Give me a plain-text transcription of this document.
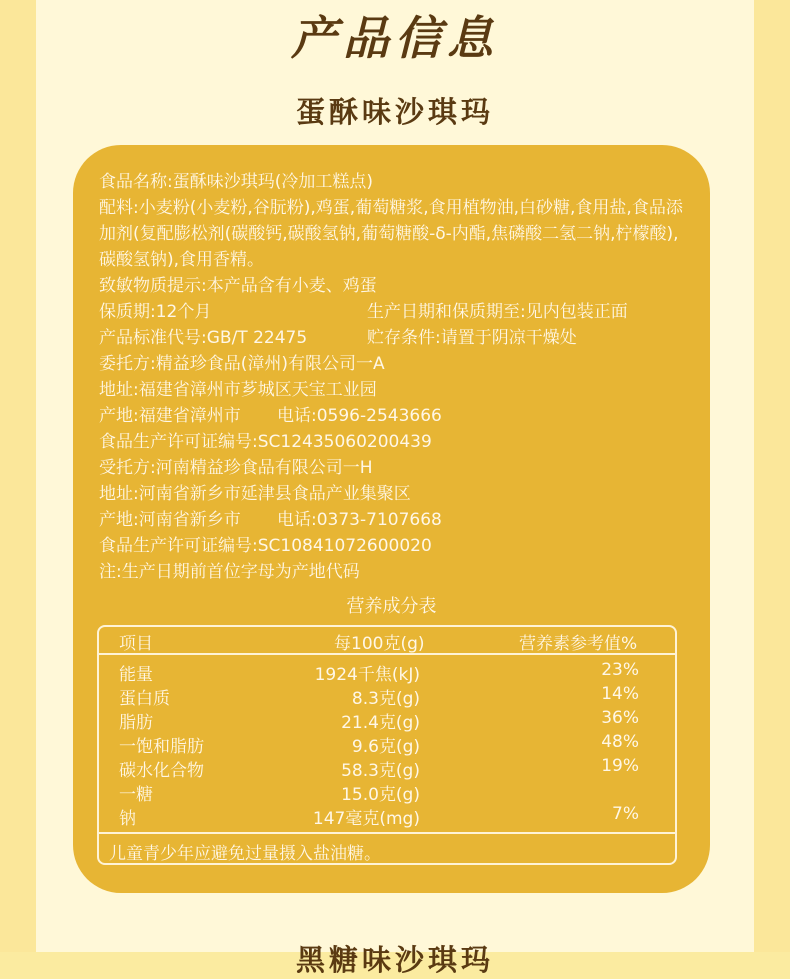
产品信息
蛋酥味沙琪玛
食品名称:蛋酥味沙琪玛(冷加工糕点)
配料:小麦粉(小麦粉,谷朊粉),鸡蛋,葡萄糖浆,食用植物油,白砂糖,食用盐,食品添加剂(复配膨松剂(碳酸钙,碳酸氢钠,葡萄糖酸-δ-内酯,焦磷酸二氢二钠,柠檬酸),碳酸氢钠),食用香精。
致敏物质提示:本产品含有小麦、鸡蛋
保质期:12个月	生产日期和保质期至:见内包装正面
产品标准代号:GB/T 22475	贮存条件:请置于阴凉干燥处
委托方:精益珍食品(漳州)有限公司一A
地址:福建省漳州市芗城区天宝工业园
产地:福建省漳州市	电话:0596-2543666
食品生产许可证编号:SC12435060200439
受托方:河南精益珍食品有限公司一H
地址:河南省新乡市延津县食品产业集聚区
产地:河南省新乡市	电话:0373-7107668
食品生产许可证编号:SC10841072600020
注:生产日期前首位字母为产地代码
营养成分表
项目	每100克(g)	营养素参考值%
能量	1924千焦(kJ)	23%
蛋白质	8.3克(g)	14%
脂肪	21.4克(g)	36%
一饱和脂肪	9.6克(g)	48%
碳水化合物	58.3克(g)	19%
一糖	15.0克(g)
钠	147毫克(mg)	7%
儿童青少年应避免过量摄入盐油糖。
黑糖味沙琪玛
